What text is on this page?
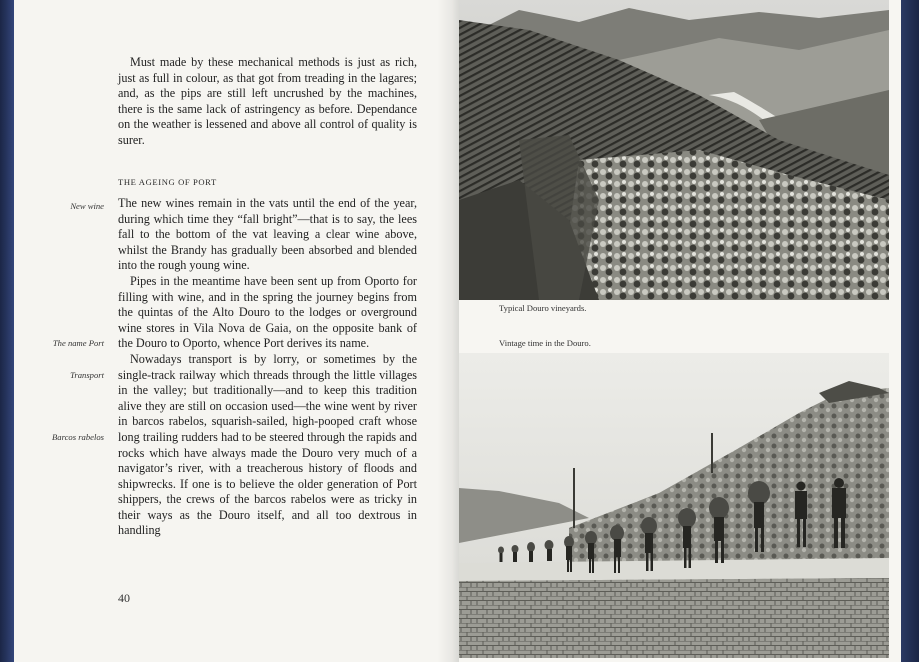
Must made by these mechanical methods is just as rich, just as full in colour, as that got from treading in the lagares; and, as the pips are still left uncrushed by the machines, there is the same lack of astringency as before. Dependance on the weather is lessened and above all control of quality is surer.

THE AGEING OF PORT

The new wines remain in the vats until the end of the year, during which time they “fall bright”—that is to say, the lees fall to the bottom of the vat leaving a clear wine above, whilst the Brandy has gradually been absorbed and blended into the rough young wine.

Pipes in the meantime have been sent up from Oporto for filling with wine, and in the spring the journey begins from the quintas of the Alto Douro to the lodges or overground wine stores in Vila Nova de Gaia, on the opposite bank of the Douro to Oporto, whence Port derives its name.

Nowadays transport is by lorry, or sometimes by the single-track railway which threads through the little villages in the valley; but traditionally—and to keep this tradition alive they are still on occasion used—the wine went by river in barcos rabelos, squarish-sailed, high-pooped craft whose long trailing rudders had to be steered through the rapids and rocks which have always made the Douro very much of a navigator’s river, with a treacherous history of floods and shipwrecks. If one is to believe the older generation of Port shippers, the crews of the barcos rabelos were as tricky in their ways as the Douro itself, and all too dextrous in handling

New wine
The name Port
Transport
Barcos rabelos
40
Typical Douro vineyards.
Vintage time in the Douro.
